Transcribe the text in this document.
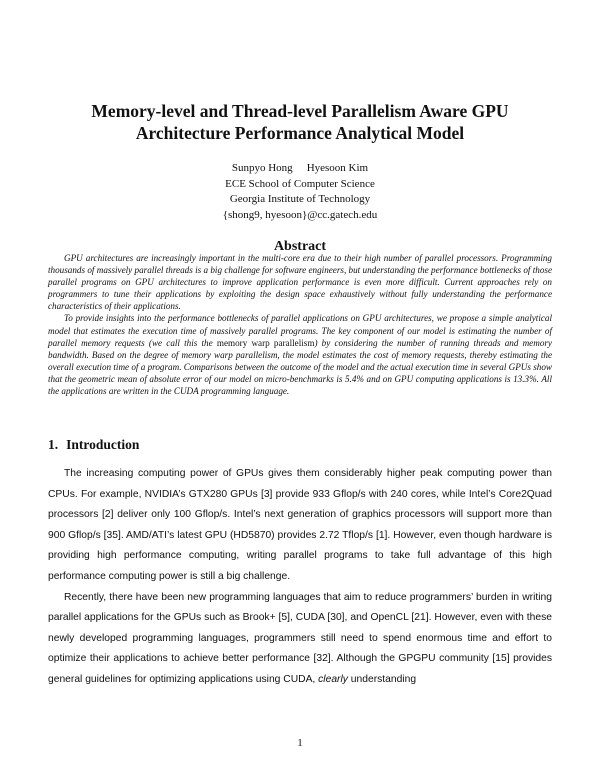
Memory-level and Thread-level Parallelism Aware GPU Architecture Performance Analytical Model
Sunpyo Hong Hyesoon Kim
ECE School of Computer Science
Georgia Institute of Technology
{shong9, hyesoon}@cc.gatech.edu
Abstract

GPU architectures are increasingly important in the multi-core era due to their high number of parallel processors. Programming thousands of massively parallel threads is a big challenge for software engineers, but understanding the performance bottlenecks of those parallel programs on GPU architectures to improve application performance is even more difficult. Current approaches rely on programmers to tune their applications by exploiting the design space exhaustively without fully understanding the performance characteristics of their applications.

To provide insights into the performance bottlenecks of parallel applications on GPU architectures, we propose a simple analytical model that estimates the execution time of massively parallel programs. The key component of our model is estimating the number of parallel memory requests (we call this the memory warp parallelism) by considering the number of running threads and memory bandwidth. Based on the degree of memory warp parallelism, the model estimates the cost of memory requests, thereby estimating the overall execution time of a program. Comparisons between the outcome of the model and the actual execution time in several GPUs show that the geometric mean of absolute error of our model on micro-benchmarks is 5.4% and on GPU computing applications is 13.3%. All the applications are written in the CUDA programming language.

1. Introduction

The increasing computing power of GPUs gives them considerably higher peak computing power than CPUs. For example, NVIDIA’s GTX280 GPUs [3] provide 933 Gflop/s with 240 cores, while Intel’s Core2Quad processors [2] deliver only 100 Gflop/s. Intel’s next generation of graphics processors will support more than 900 Gflop/s [35]. AMD/ATI’s latest GPU (HD5870) provides 2.72 Tflop/s [1]. However, even though hardware is providing high performance computing, writing parallel programs to take full advantage of this high performance computing power is still a big challenge.

Recently, there have been new programming languages that aim to reduce programmers’ burden in writing parallel applications for the GPUs such as Brook+ [5], CUDA [30], and OpenCL [21]. However, even with these newly developed programming languages, programmers still need to spend enormous time and effort to optimize their applications to achieve better performance [32]. Although the GPGPU community [15] provides general guidelines for optimizing applications using CUDA, clearly understanding

1
